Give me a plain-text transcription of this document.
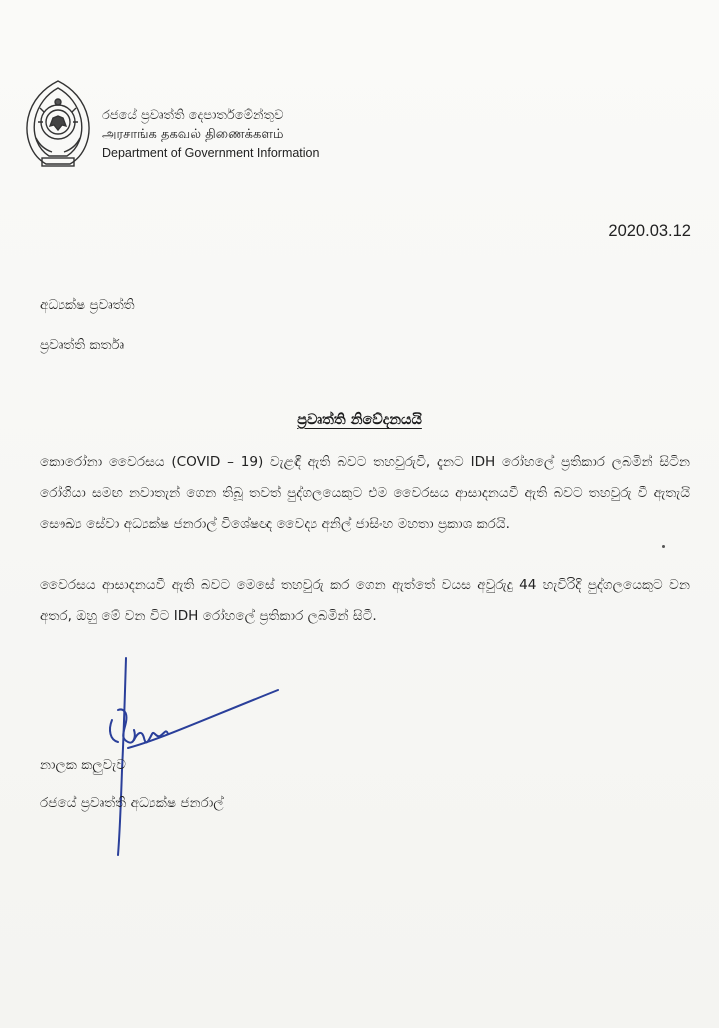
රජයේ ප්‍රවෘත්ති දෙපාර්තමේන්තුව
அரசாங்க தகவல் திணைக்களம்
Department of Government Information
2020.03.12
අධ්‍යක්ෂ ප්‍රවෘත්ති
ප්‍රවෘත්ති කර්තෘ
ප්‍රවෘත්ති නිවේදනයයි
කොරෝනා වෛරසය (COVID – 19) වැළඳී ඇති බවට තහවුරුවී, දැනට IDH රෝහලේ ප්‍රතිකාර ලබමින් සිටින රෝගියා සමඟ නවාතැන් ගෙන තිබූ තවත් පුද්ගලයෙකුට එම වෛරසය ආසාදනයවී ඇති බවට තහවුරු වී ඇතැයි සෞඛ්‍ය සේවා අධ්‍යක්ෂ ජනරාල් විශේෂඥ වෛද්‍ය අනිල් ජාසිංහ මහතා ප්‍රකාශ කරයි.
වෛරසය ආසාදනයවී ඇති බවට මෙසේ තහවුරු කර ගෙන ඇත්තේ වයස අවුරුදු 44 හැවිරිදි පුද්ගලයෙකුට වන අතර, ඔහු මේ වන විට IDH රෝහලේ ප්‍රතිකාර ලබමින් සිටී.
නාලක කලුවැව
රජයේ ප්‍රවෘත්ති අධ්‍යක්ෂ ජනරාල්
